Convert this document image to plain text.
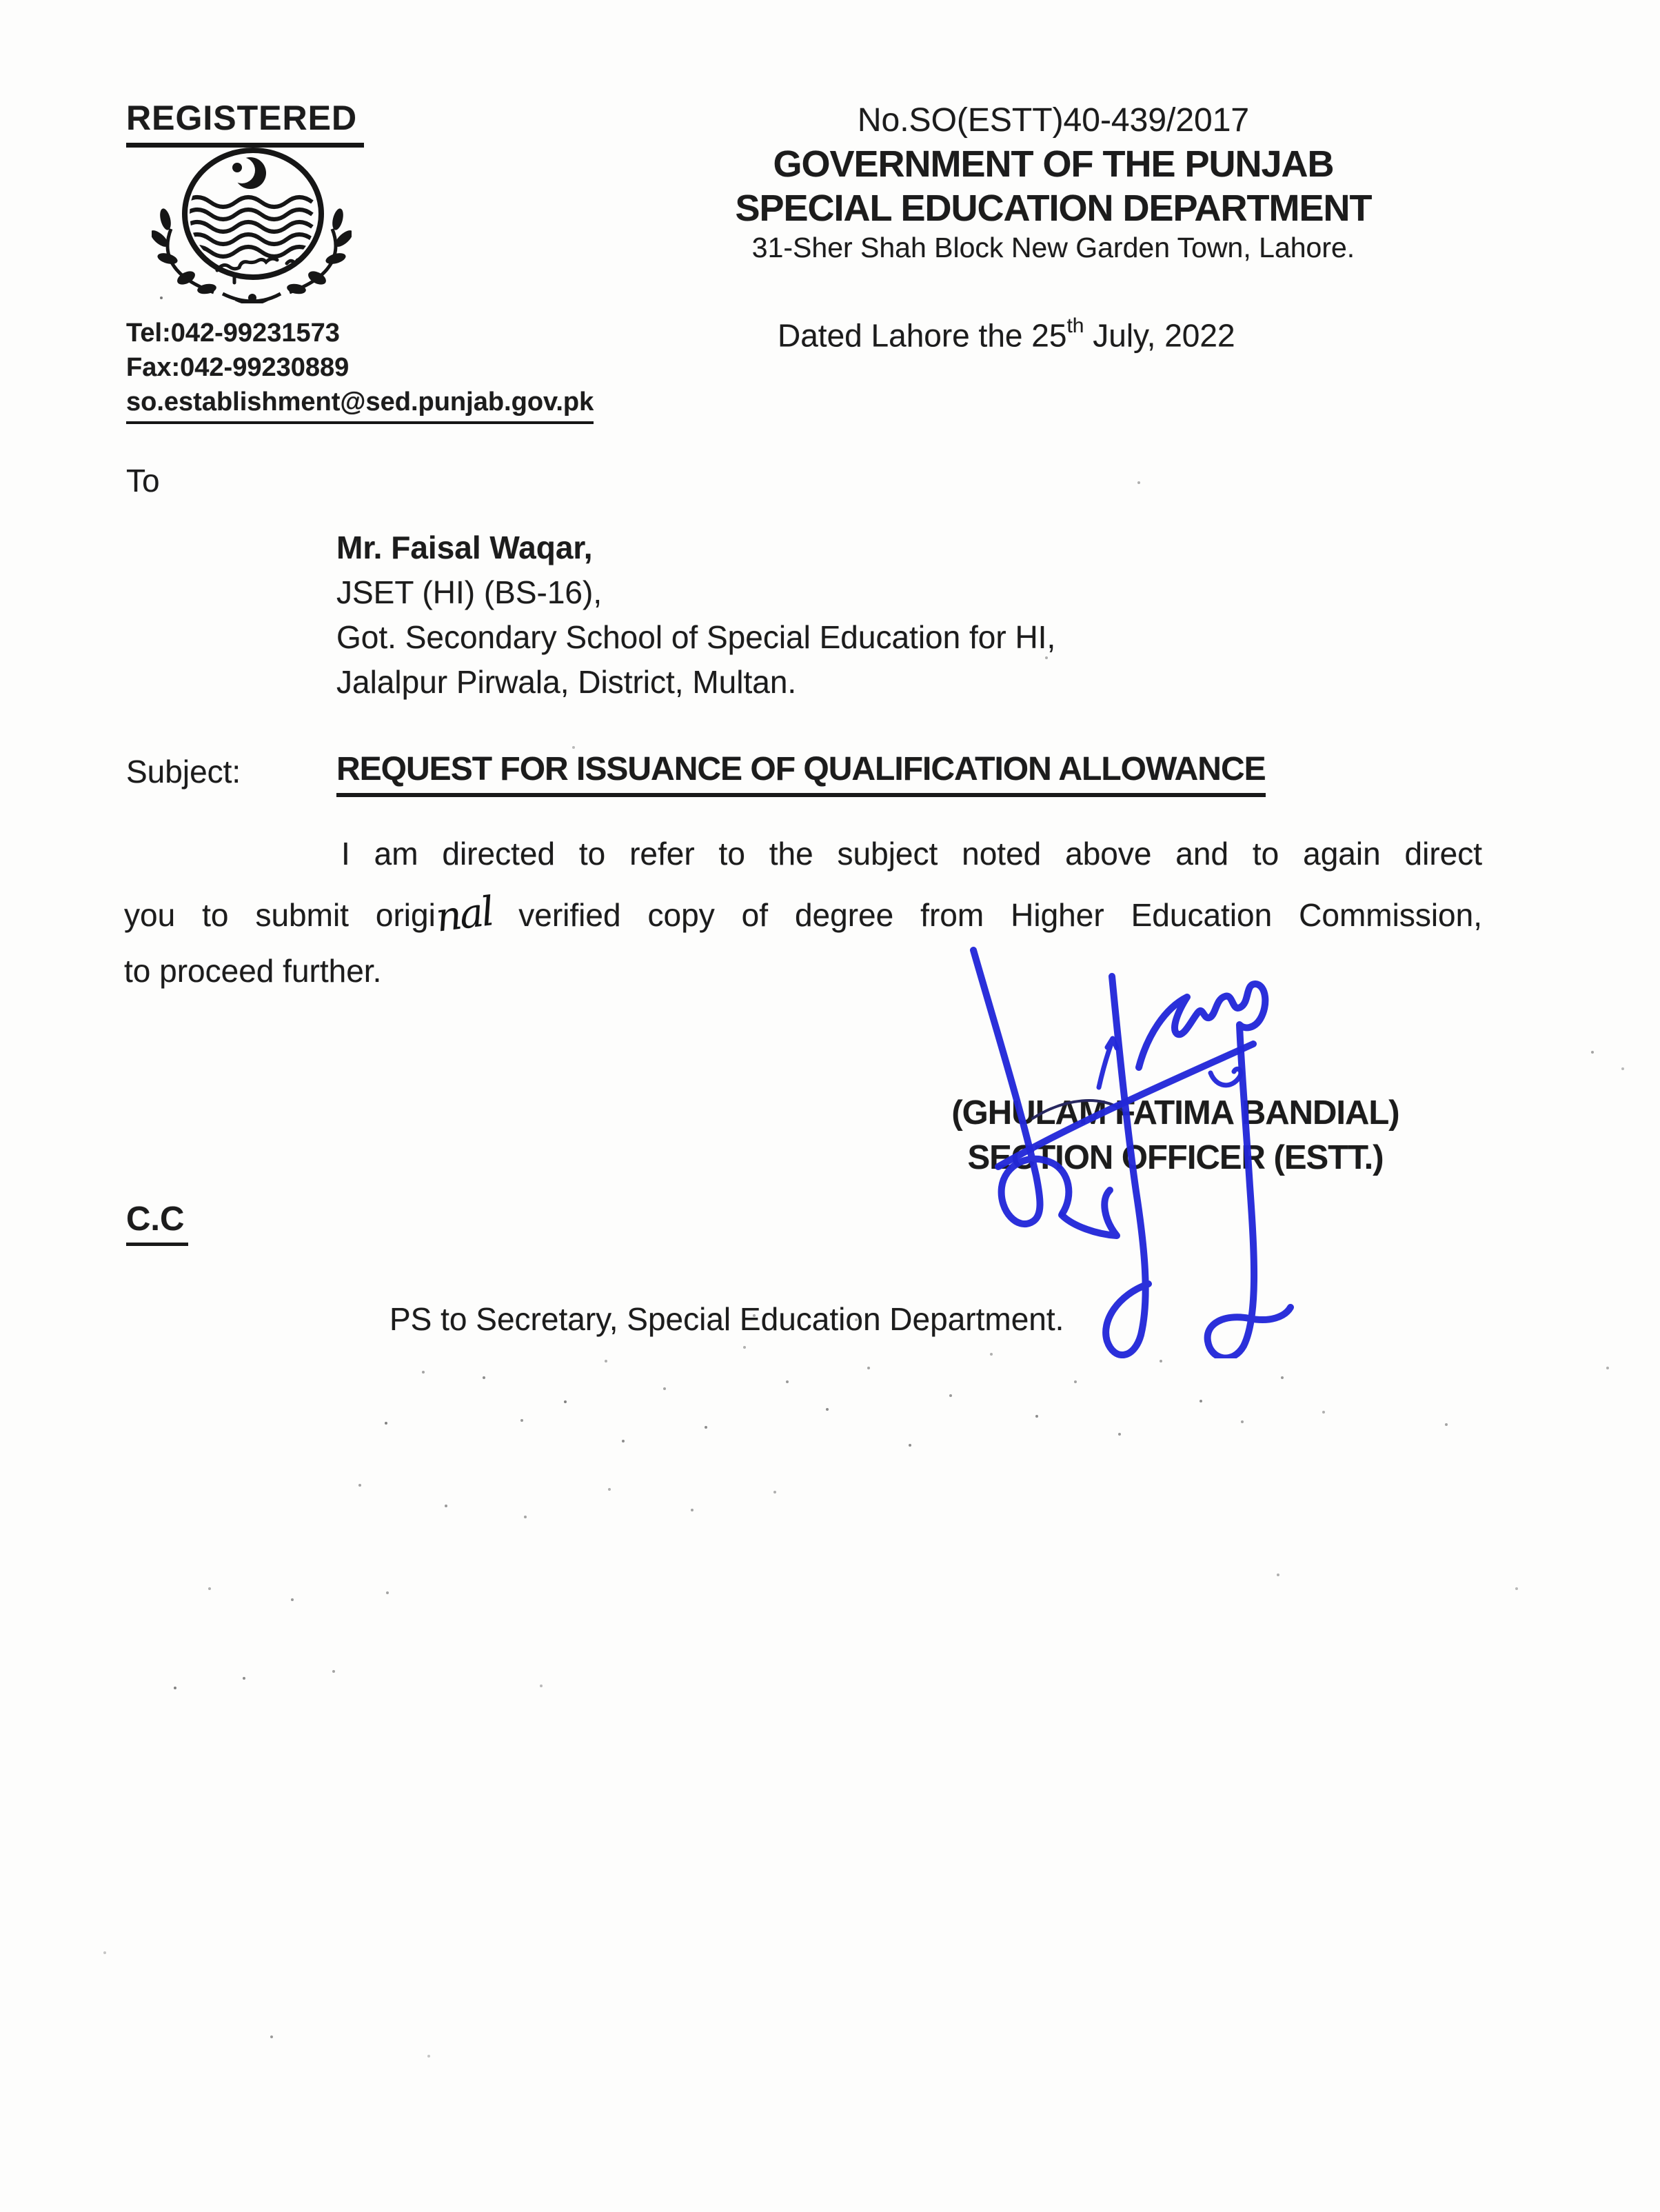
REGISTERED
Tel:042-99231573
Fax:042-99230889
so.establishment@sed.punjab.gov.pk
No.SO(ESTT)40-439/2017
GOVERNMENT OF THE PUNJAB
SPECIAL EDUCATION DEPARTMENT
31-Sher Shah Block New Garden Town, Lahore.
Dated Lahore the 25th July, 2022
To
Mr. Faisal Waqar,
JSET (HI) (BS-16),
Got. Secondary School of Special Education for HI,
Jalalpur Pirwala, District, Multan.
Subject:	REQUEST FOR ISSUANCE OF QUALIFICATION ALLOWANCE
I am directed to refer to the subject noted above and to again direct
you to submit original verified copy of degree from Higher Education Commission,
to proceed further.
(GHULAM FATIMA BANDIAL)
SECTION OFFICER (ESTT.)
C.C
PS to Secretary, Special Education Department.
